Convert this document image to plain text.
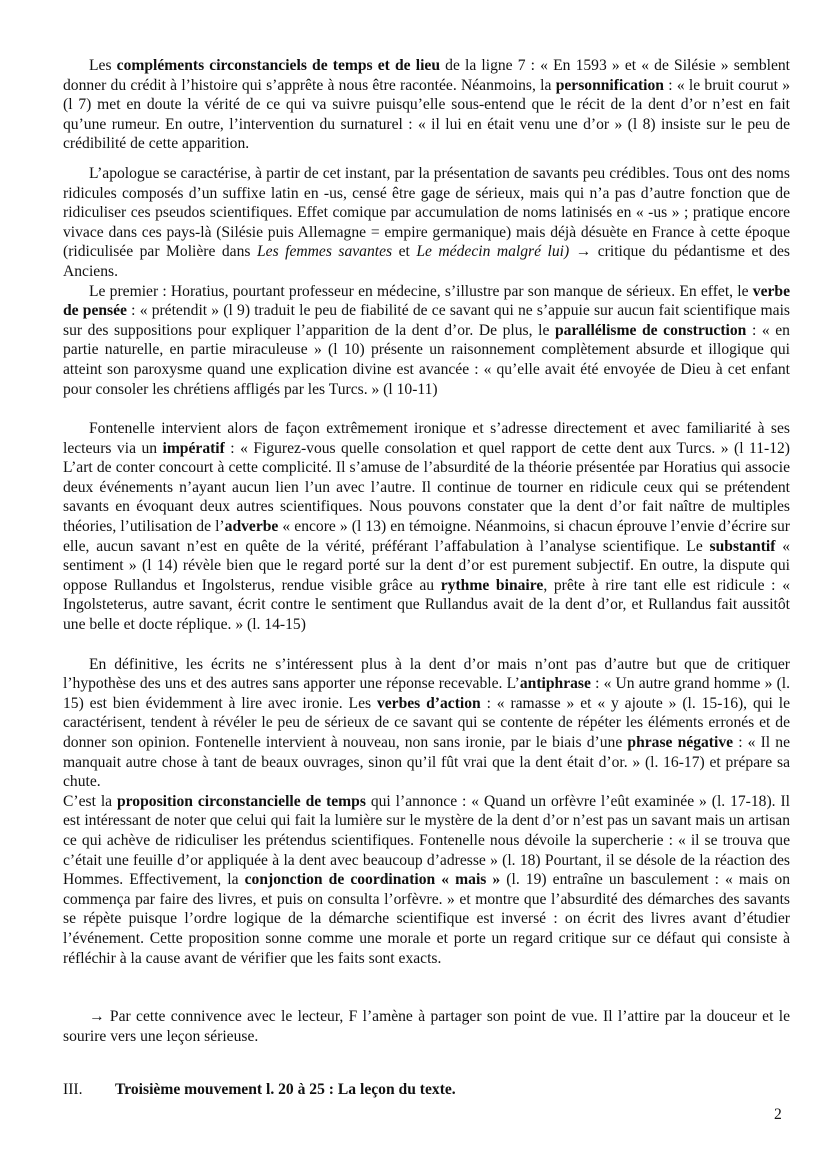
Les compléments circonstanciels de temps et de lieu de la ligne 7 : « En 1593 » et « de Silésie » semblent donner du crédit à l’histoire qui s’apprête à nous être racontée. Néanmoins, la personnification : « le bruit courut » (l 7) met en doute la vérité de ce qui va suivre puisqu’elle sous-entend que le récit de la dent d’or n’est en fait qu’une rumeur. En outre, l’intervention du surnaturel : « il lui en était venu une d’or » (l 8) insiste sur le peu de crédibilité de cette apparition.

L’apologue se caractérise, à partir de cet instant, par la présentation de savants peu crédibles. Tous ont des noms ridicules composés d’un suffixe latin en -us, censé être gage de sérieux, mais qui n’a pas d’autre fonction que de ridiculiser ces pseudos scientifiques. Effet comique par accumulation de noms latinisés en « -us » ; pratique encore vivace dans ces pays-là (Silésie puis Allemagne = empire germanique) mais déjà désuète en France à cette époque (ridiculisée par Molière dans Les femmes savantes et Le médecin malgré lui) → critique du pédantisme et des Anciens.

Le premier : Horatius, pourtant professeur en médecine, s’illustre par son manque de sérieux. En effet, le verbe de pensée : « prétendit » (l 9) traduit le peu de fiabilité de ce savant qui ne s’appuie sur aucun fait scientifique mais sur des suppositions pour expliquer l’apparition de la dent d’or. De plus, le parallélisme de construction : « en partie naturelle, en partie miraculeuse » (l 10) présente un raisonnement complètement absurde et illogique qui atteint son paroxysme quand une explication divine est avancée : « qu’elle avait été envoyée de Dieu à cet enfant pour consoler les chrétiens affligés par les Turcs. » (l 10-11)

Fontenelle intervient alors de façon extrêmement ironique et s’adresse directement et avec familiarité à ses lecteurs via un impératif : « Figurez-vous quelle consolation et quel rapport de cette dent aux Turcs. » (l 11-12) L’art de conter concourt à cette complicité. Il s’amuse de l’absurdité de la théorie présentée par Horatius qui associe deux événements n’ayant aucun lien l’un avec l’autre. Il continue de tourner en ridicule ceux qui se prétendent savants en évoquant deux autres scientifiques. Nous pouvons constater que la dent d’or fait naître de multiples théories, l’utilisation de l’adverbe « encore » (l 13) en témoigne. Néanmoins, si chacun éprouve l’envie d’écrire sur elle, aucun savant n’est en quête de la vérité, préférant l’affabulation à l’analyse scientifique. Le substantif « sentiment » (l 14) révèle bien que le regard porté sur la dent d’or est purement subjectif. En outre, la dispute qui oppose Rullandus et Ingolsterus, rendue visible grâce au rythme binaire, prête à rire tant elle est ridicule : « Ingolsteterus, autre savant, écrit contre le sentiment que Rullandus avait de la dent d’or, et Rullandus fait aussitôt une belle et docte réplique. » (l. 14-15)

En définitive, les écrits ne s’intéressent plus à la dent d’or mais n’ont pas d’autre but que de critiquer l’hypothèse des uns et des autres sans apporter une réponse recevable. L’antiphrase : « Un autre grand homme » (l. 15) est bien évidemment à lire avec ironie. Les verbes d’action : « ramasse » et « y ajoute » (l. 15-16), qui le caractérisent, tendent à révéler le peu de sérieux de ce savant qui se contente de répéter les éléments erronés et de donner son opinion. Fontenelle intervient à nouveau, non sans ironie, par le biais d’une phrase négative : « Il ne manquait autre chose à tant de beaux ouvrages, sinon qu’il fût vrai que la dent était d’or. » (l. 16-17) et prépare sa chute.

C’est la proposition circonstancielle de temps qui l’annonce : « Quand un orfèvre l’eût examinée » (l. 17-18). Il est intéressant de noter que celui qui fait la lumière sur le mystère de la dent d’or n’est pas un savant mais un artisan ce qui achève de ridiculiser les prétendus scientifiques. Fontenelle nous dévoile la supercherie : « il se trouva que c’était une feuille d’or appliquée à la dent avec beaucoup d’adresse » (l. 18) Pourtant, il se désole de la réaction des Hommes. Effectivement, la conjonction de coordination « mais » (l. 19) entraîne un basculement : « mais on commença par faire des livres, et puis on consulta l’orfèvre. » et montre que l’absurdité des démarches des savants se répète puisque l’ordre logique de la démarche scientifique est inversé : on écrit des livres avant d’étudier l’événement. Cette proposition sonne comme une morale et porte un regard critique sur ce défaut qui consiste à réfléchir à la cause avant de vérifier que les faits sont exacts.

→ Par cette connivence avec le lecteur, F l’amène à partager son point de vue. Il l’attire par la douceur et le sourire vers une leçon sérieuse.

III. Troisième mouvement l. 20 à 25 : La leçon du texte.
2
